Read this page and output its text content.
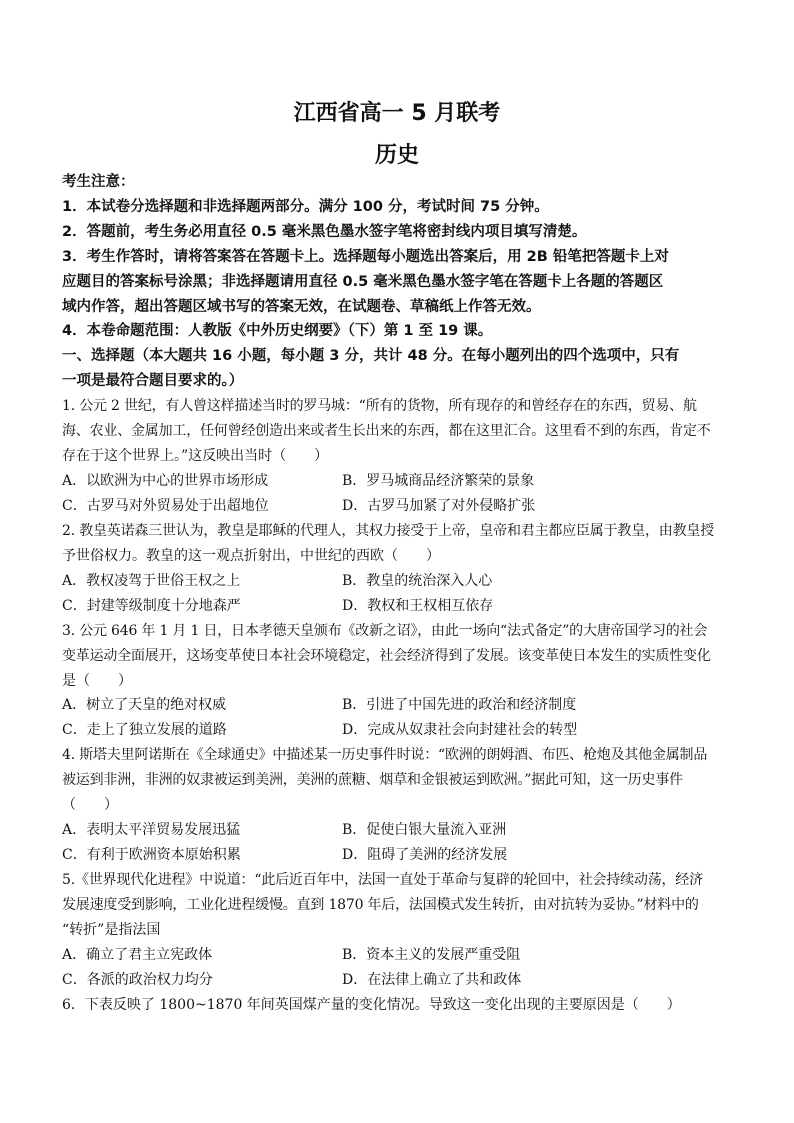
江西省高一 5 月联考
历史
考生注意：
1．本试卷分选择题和非选择题两部分。满分 100 分，考试时间 75 分钟。
2．答题前，考生务必用直径 0.5 毫米黑色墨水签字笔将密封线内项目填写清楚。
3．考生作答时，请将答案答在答题卡上。选择题每小题选出答案后，用 2B 铅笔把答题卡上对
应题目的答案标号涂黑；非选择题请用直径 0.5 毫米黑色墨水签字笔在答题卡上各题的答题区
域内作答，超出答题区域书写的答案无效，在试题卷、草稿纸上作答无效。
4．本卷命题范围：人教版《中外历史纲要》（下）第 1 至 19 课。
一、选择题（本大题共 16 小题，每小题 3 分，共计 48 分。在每小题列出的四个选项中，只有
一项是最符合题目要求的。）
1. 公元 2 世纪，有人曾这样描述当时的罗马城：“所有的货物，所有现存的和曾经存在的东西，贸易、航
海、农业、金属加工，任何曾经创造出来或者生长出来的东西，都在这里汇合。这里看不到的东西，肯定不
存在于这个世界上。”这反映出当时（　　）
A．以欧洲为中心的世界市场形成	B．罗马城商品经济繁荣的景象
C．古罗马对外贸易处于出超地位	D．古罗马加紧了对外侵略扩张
2. 教皇英诺森三世认为，教皇是耶稣的代理人，其权力接受于上帝，皇帝和君主都应臣属于教皇，由教皇授
予世俗权力。教皇的这一观点折射出，中世纪的西欧（　　）
A．教权凌驾于世俗王权之上	B．教皇的统治深入人心
C．封建等级制度十分地森严	D．教权和王权相互依存
3. 公元 646 年 1 月 1 日，日本孝德天皇颁布《改新之诏》，由此一场向“法式备定”的大唐帝国学习的社会
变革运动全面展开，这场变革使日本社会环境稳定，社会经济得到了发展。该变革使日本发生的实质性变化
是（　　）
A．树立了天皇的绝对权威	B．引进了中国先进的政治和经济制度
C．走上了独立发展的道路	D．完成从奴隶社会向封建社会的转型
4. 斯塔夫里阿诺斯在《全球通史》中描述某一历史事件时说：“欧洲的朗姆酒、布匹、枪炮及其他金属制品
被运到非洲，非洲的奴隶被运到美洲，美洲的蔗糖、烟草和金银被运到欧洲。”据此可知，这一历史事件
（　　）
A．表明太平洋贸易发展迅猛	B．促使白银大量流入亚洲
C．有利于欧洲资本原始积累	D．阻碍了美洲的经济发展
5.《世界现代化进程》中说道：“此后近百年中，法国一直处于革命与复辟的轮回中，社会持续动荡，经济
发展速度受到影响，工业化进程缓慢。直到 1870 年后，法国模式发生转折，由对抗转为妥协。”材料中的
“转折”是指法国
A．确立了君主立宪政体	B．资本主义的发展严重受阻
C．各派的政治权力均分	D．在法律上确立了共和政体
6．下表反映了 1800~1870 年间英国煤产量的变化情况。导致这一变化出现的主要原因是（　　）
